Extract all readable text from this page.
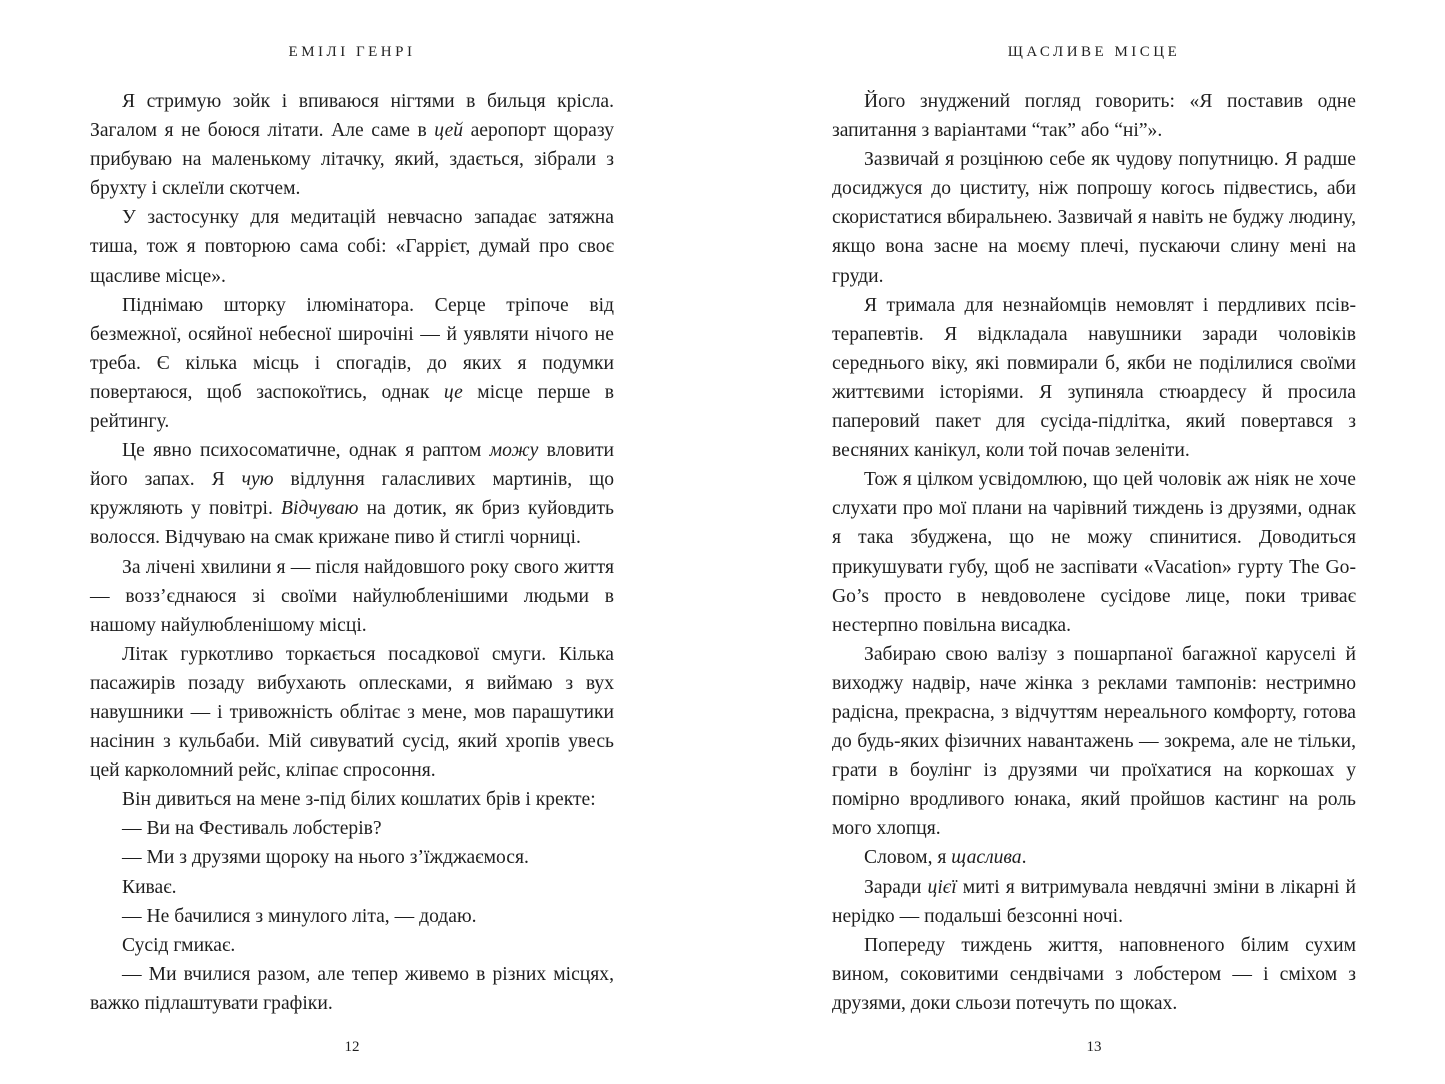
ЕМІЛІ ГЕНРІ

Я стримую зойк і впиваюся нігтями в бильця крісла. Загалом я не боюся літати. Але саме в цей аеропорт щоразу прибуваю на маленькому літачку, який, здається, зібрали з брухту і склеїли скотчем.

У застосунку для медитацій невчасно западає затяжна тиша, тож я повторюю сама собі: «Гаррієт, думай про своє щасливе місце».

Піднімаю шторку ілюмінатора. Серце тріпоче від безмежної, осяйної небесної широчіні — й уявляти нічого не треба. Є кілька місць і спогадів, до яких я подумки повертаюся, щоб заспокоїтись, однак це місце перше в рейтингу.

Це явно психосоматичне, однак я раптом можу вловити його запах. Я чую відлуння галасливих мартинів, що кружляють у повітрі. Відчуваю на дотик, як бриз куйовдить волосся. Відчуваю на смак крижане пиво й стиглі чорниці.

За лічені хвилини я — після найдовшого року свого життя — возз’єднаюся зі своїми найулюбленішими людьми в нашому найулюбленішому місці.

Літак гуркотливо торкається посадкової смуги. Кілька пасажирів позаду вибухають оплесками, я виймаю з вух навушники — і тривожність облітає з мене, мов парашутики насінин з кульбаби. Мій сивуватий сусід, який хропів увесь цей карколомний рейс, кліпає спросоння.

Він дивиться на мене з-під білих кошлатих брів і кректе:

— Ви на Фестиваль лобстерів?

— Ми з друзями щороку на нього з’їжджаємося.

Киває.

— Не бачилися з минулого літа, — додаю.

Сусід гмикає.

— Ми вчилися разом, але тепер живемо в різних місцях, важко підлаштувати графіки.

12
ЩАСЛИВЕ МІСЦЕ

Його знуджений погляд говорить: «Я поставив одне запитання з варіантами “так” або “ні”».

Зазвичай я розцінюю себе як чудову попутницю. Я радше досиджуся до циститу, ніж попрошу когось підвестись, аби скористатися вбиральнею. Зазвичай я навіть не буджу людину, якщо вона засне на моєму плечі, пускаючи слину мені на груди.

Я тримала для незнайомців немовлят і пердливих псів-терапевтів. Я відкладала навушники заради чоловіків середнього віку, які повмирали б, якби не поділилися своїми життєвими історіями. Я зупиняла стюардесу й просила паперовий пакет для сусіда-підлітка, який повертався з весняних канікул, коли той почав зеленіти.

Тож я цілком усвідомлюю, що цей чоловік аж ніяк не хоче слухати про мої плани на чарівний тиждень із друзями, однак я така збуджена, що не можу спинитися. Доводиться прикушувати губу, щоб не заспівати «Vacation» гурту The Go-Go’s просто в невдоволене сусідове лице, поки триває нестерпно повільна висадка.

Забираю свою валізу з пошарпаної багажної каруселі й виходжу надвір, наче жінка з реклами тампонів: нестримно радісна, прекрасна, з відчуттям нереального комфорту, готова до будь-яких фізичних навантажень — зокрема, але не тільки, грати в боулінг із друзями чи проїхатися на коркошах у помірно вродливого юнака, який пройшов кастинг на роль мого хлопця.

Словом, я щаслива.

Заради цієї миті я витримувала невдячні зміни в лікарні й нерідко — подальші безсонні ночі.

Попереду тиждень життя, наповненого білим сухим вином, соковитими сендвічами з лобстером — і сміхом з друзями, доки сльози потечуть по щоках.

13
